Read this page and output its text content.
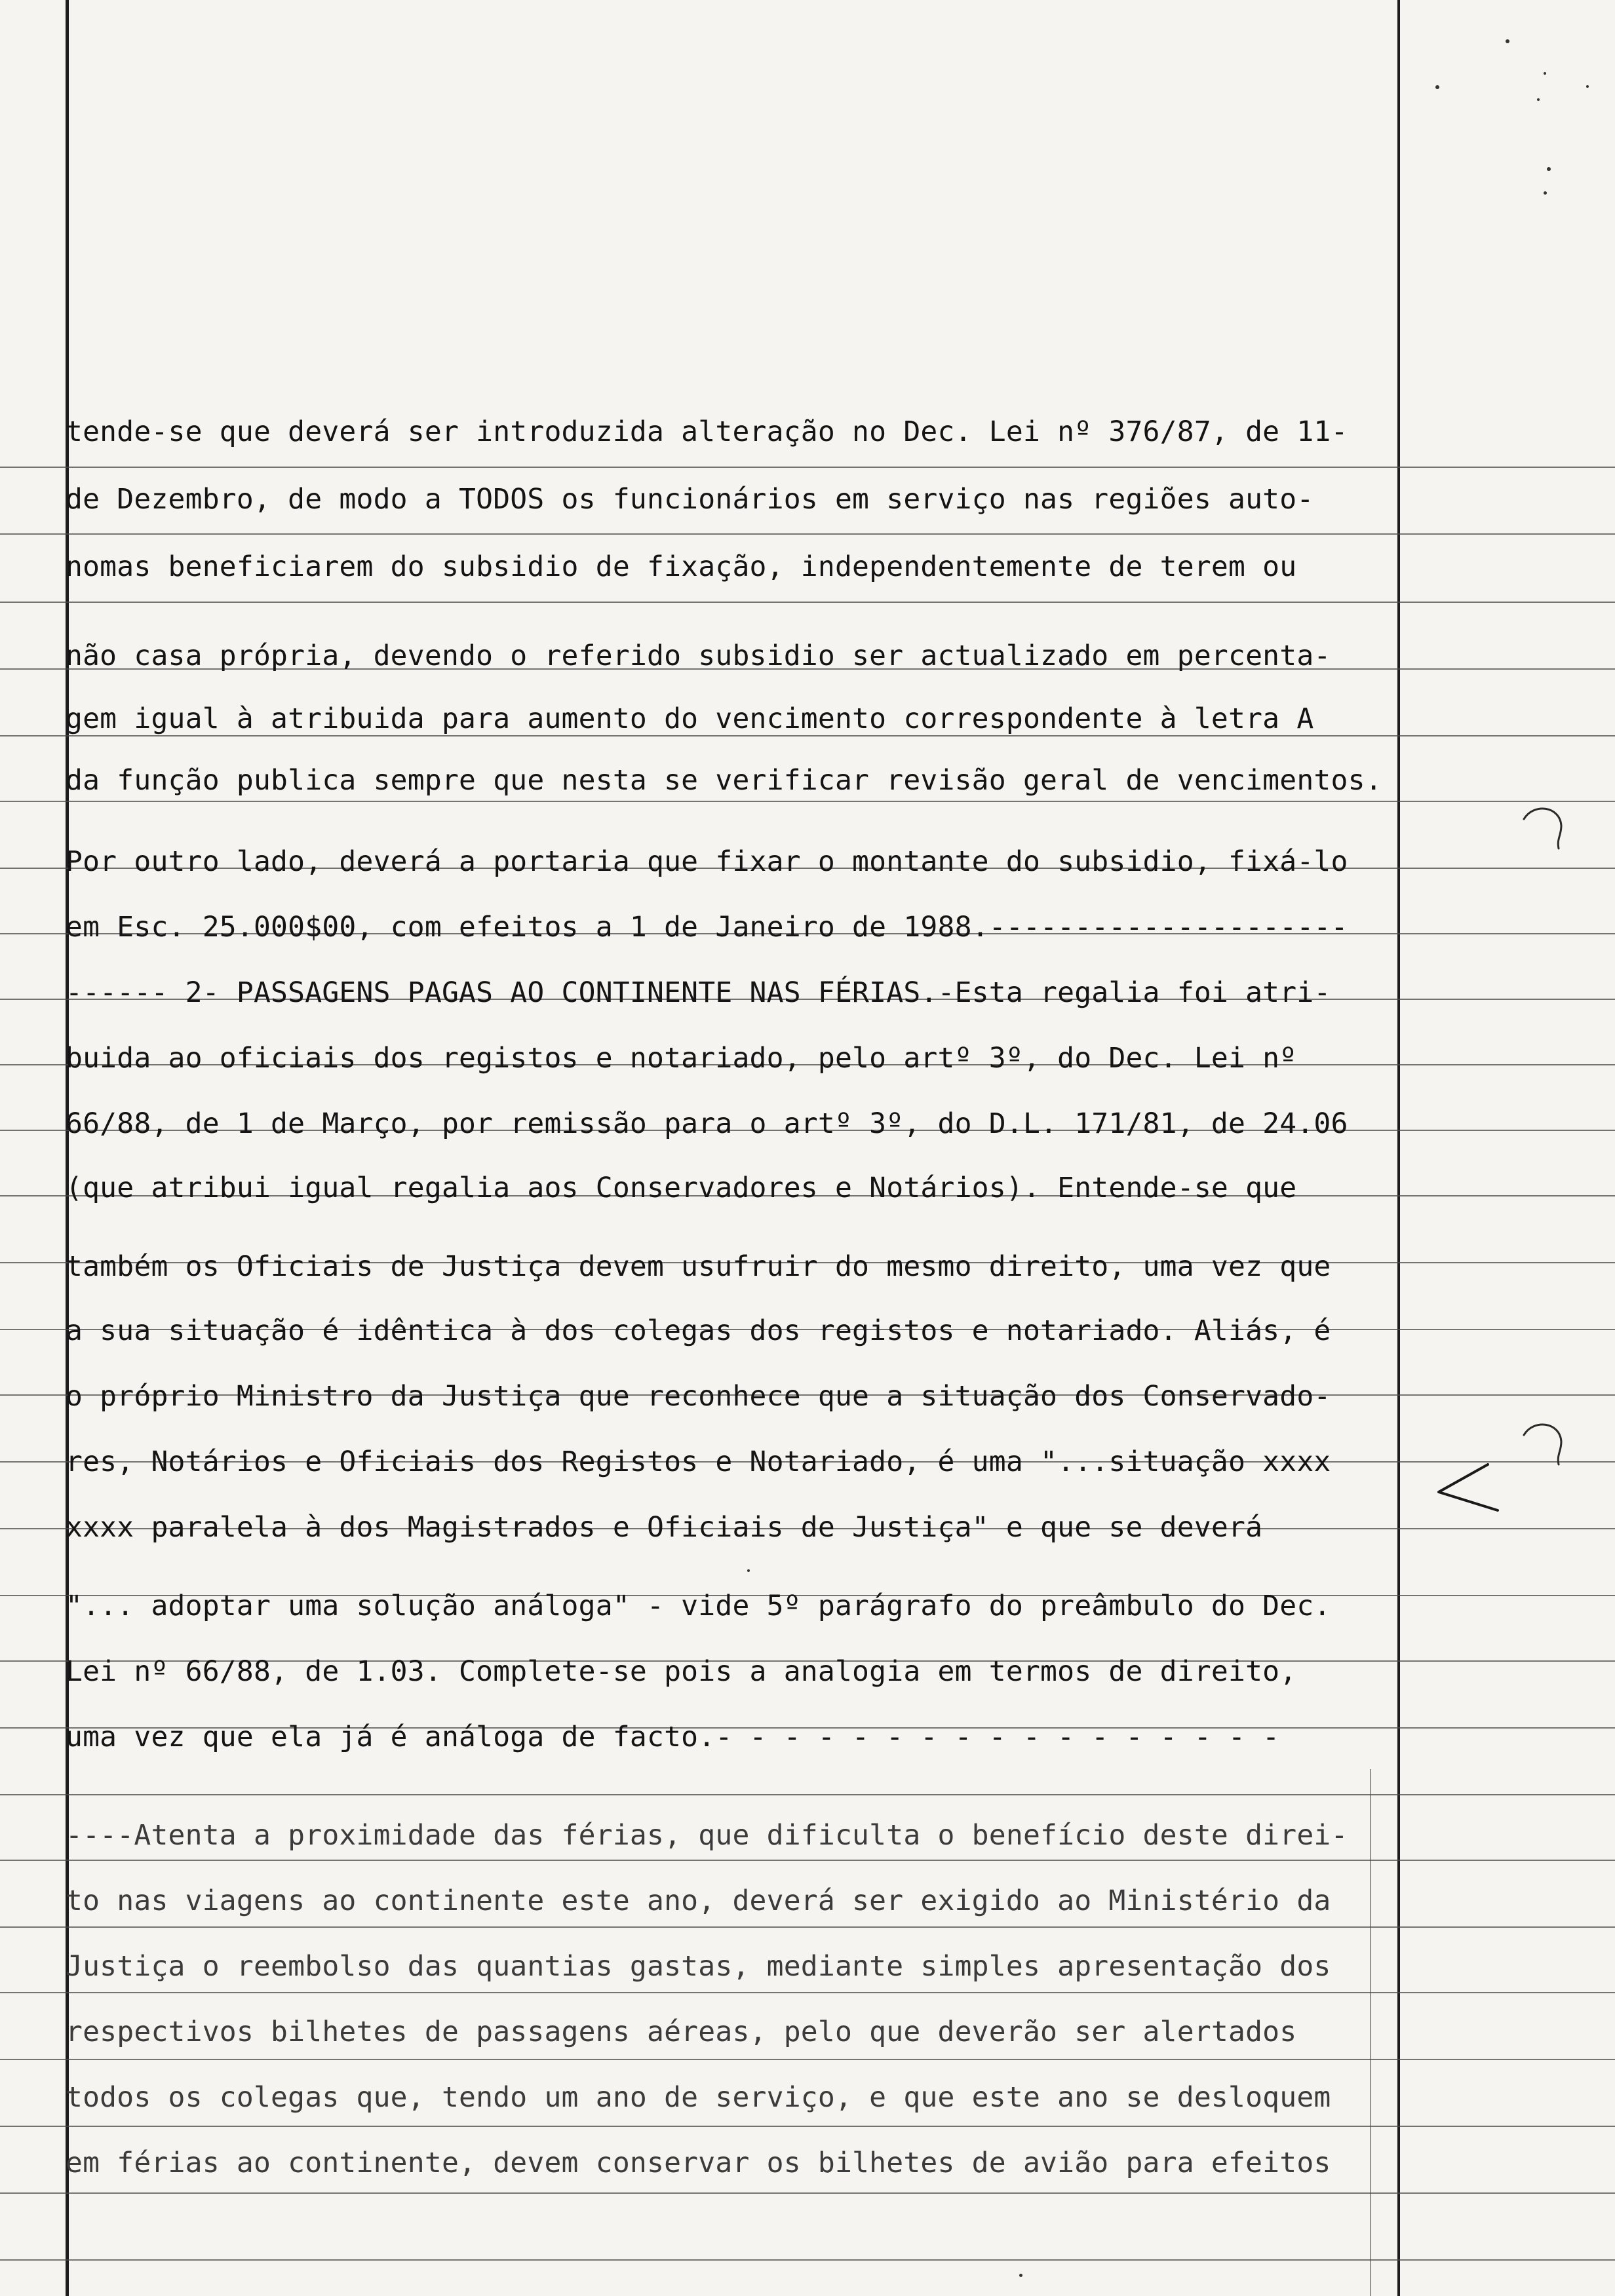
tende-se que deverá ser introduzida alteração no Dec. Lei nº 376/87, de 11-
de Dezembro, de modo a TODOS os funcionários em serviço nas regiões auto-
nomas beneficiarem do subsidio de fixação, independentemente de terem ou
não casa própria, devendo o referido subsidio ser actualizado em percenta-
gem igual à atribuida para aumento do vencimento correspondente à letra A
da função publica sempre que nesta se verificar revisão geral de vencimentos.
Por outro lado, deverá a portaria que fixar o montante do subsidio, fixá-lo
em Esc. 25.000$00, com efeitos a 1 de Janeiro de 1988.---------------------
------ 2- PASSAGENS PAGAS AO CONTINENTE NAS FÉRIAS.-Esta regalia foi atri-
buida ao oficiais dos registos e notariado, pelo artº 3º, do Dec. Lei nº
66/88, de 1 de Março, por remissão para o artº 3º, do D.L. 171/81, de 24.06
(que atribui igual regalia aos Conservadores e Notários). Entende-se que
também os Oficiais de Justiça devem usufruir do mesmo direito, uma vez que
a sua situação é idêntica à dos colegas dos registos e notariado. Aliás, é
o próprio Ministro da Justiça que reconhece que a situação dos Conservado-
res, Notários e Oficiais dos Registos e Notariado, é uma "...situação xxxx
xxxx paralela à dos Magistrados e Oficiais de Justiça" e que se deverá
"... adoptar uma solução análoga" - vide 5º parágrafo do preâmbulo do Dec.
Lei nº 66/88, de 1.03. Complete-se pois a analogia em termos de direito,
uma vez que ela já é análoga de facto.- - - - - - - - - - - - - - - - -
----Atenta a proximidade das férias, que dificulta o benefício deste direi-
to nas viagens ao continente este ano, deverá ser exigido ao Ministério da
Justiça o reembolso das quantias gastas, mediante simples apresentação dos
respectivos bilhetes de passagens aéreas, pelo que deverão ser alertados
todos os colegas que, tendo um ano de serviço, e que este ano se desloquem
em férias ao continente, devem conservar os bilhetes de avião para efeitos
